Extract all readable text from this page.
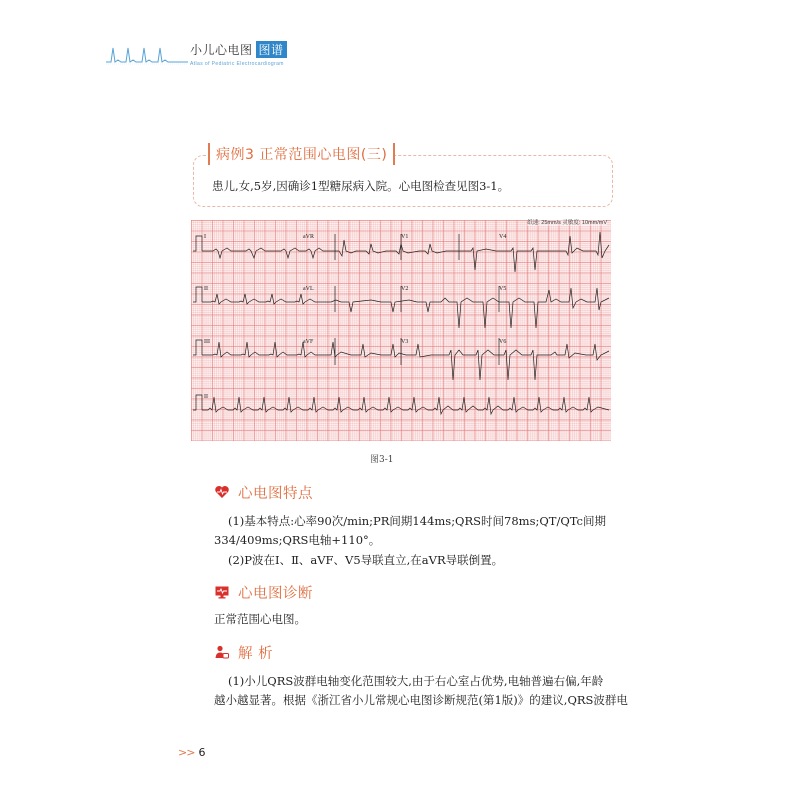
小儿心电图 图谱
Atlas of Pediatric Electrocardiogram
病例3 正常范围心电图(三)
患儿,女,5岁,因确诊1型糖尿病入院。心电图检查见图3-1。
纸速: 25mm/s 灵敏度: 10mm/mV
I	aVR	V1	V4
II	aVL	V2	V5
III	aVF	V3	V6
II
图3-1
心电图特点
(1)基本特点:心率90次/min;PR间期144ms;QRS时间78ms;QT/QTc间期
334/409ms;QRS电轴+110°。
(2)P波在Ⅰ、Ⅱ、aVF、V5导联直立,在aVR导联倒置。
心电图诊断
正常范围心电图。
解 析
(1)小儿QRS波群电轴变化范围较大,由于右心室占优势,电轴普遍右偏,年龄
越小越显著。根据《浙江省小儿常规心电图诊断规范(第1版)》的建议,QRS波群电
>> 6
